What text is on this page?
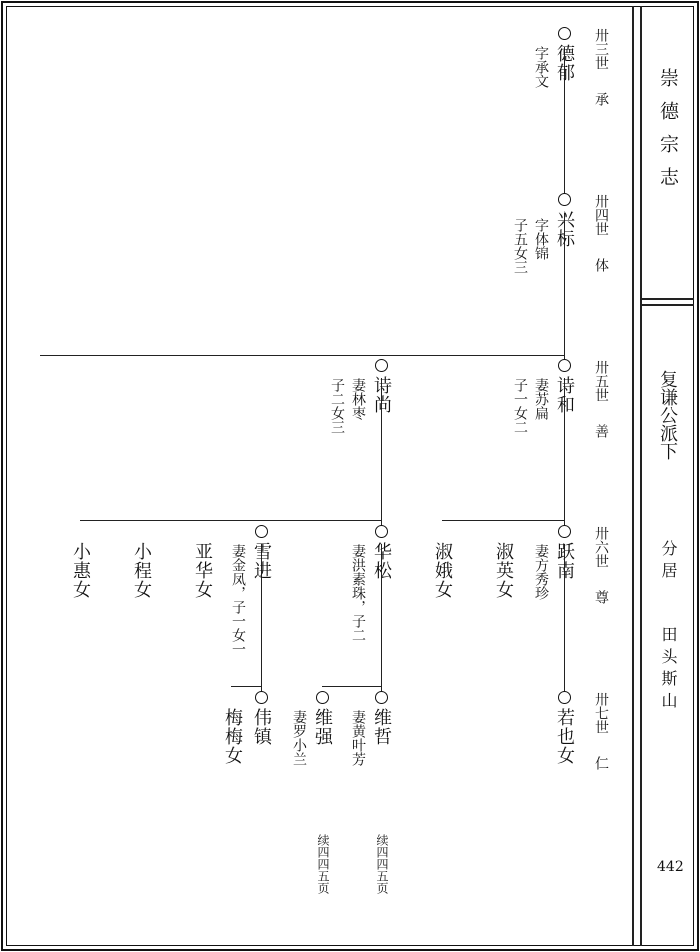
崇德宗志

复谦公派下

分居

田头斯山

442

卅三世

承

卅四世

体

卅五世

善

卅六世

尊

卅七世

仁

德郁

字承文

兴标

字体锦

子五女三

诗和

妻苏扁

子一女二

诗尚

妻林枣

子二女三

跃南

妻方秀珍

淑英女

淑娥女

华松

妻洪素珠，子二

雪进

妻金凤，子一女一

亚华女

小程女

小惠女

若也女

维哲

妻黄叶芳

续四四五页

维强

妻罗小兰

续四四五页

伟镇

梅梅女
